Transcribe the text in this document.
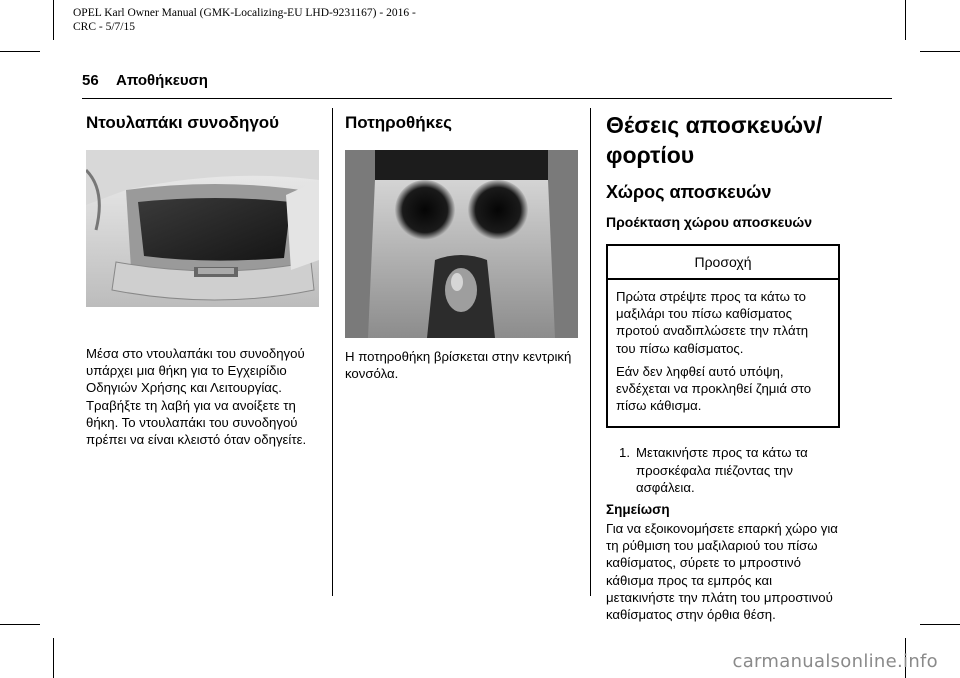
OPEL Karl Owner Manual (GMK-Localizing-EU LHD-9231167) - 2016 -
CRC - 5/7/15
56 Αποθήκευση
Ντουλαπάκι συνοδηγού

Μέσα στο ντουλαπάκι του συνοδηγού υπάρχει μια θήκη για το Εγχειρίδιο Οδηγιών Χρήσης και Λειτουργίας. Τραβήξτε τη λαβή για να ανοίξετε τη θήκη. Το ντουλαπάκι του συνοδηγού πρέπει να είναι κλειστό όταν οδηγείτε.

Ποτηροθήκες

Η ποτηροθήκη βρίσκεται στην κεντρική κονσόλα.

Θέσεις αποσκευών/ φορτίου
Χώρος αποσκευών
Προέκταση χώρου αποσκευών
Προσοχή

Πρώτα στρέψτε προς τα κάτω το μαξιλάρι του πίσω καθίσματος προτού αναδιπλώσετε την πλάτη του πίσω καθίσματος.

Εάν δεν ληφθεί αυτό υπόψη, ενδέχεται να προκληθεί ζημιά στο πίσω κάθισμα.

1. Μετακινήστε προς τα κάτω τα προσκέφαλα πιέζοντας την ασφάλεια.
Σημείωση

Για να εξοικονομήσετε επαρκή χώρο για τη ρύθμιση του μαξιλαριού του πίσω καθίσματος, σύρετε το μπροστινό κάθισμα προς τα εμπρός και μετακινήστε την πλάτη του μπροστινού καθίσματος στην όρθια θέση.

carmanualsonline.info
